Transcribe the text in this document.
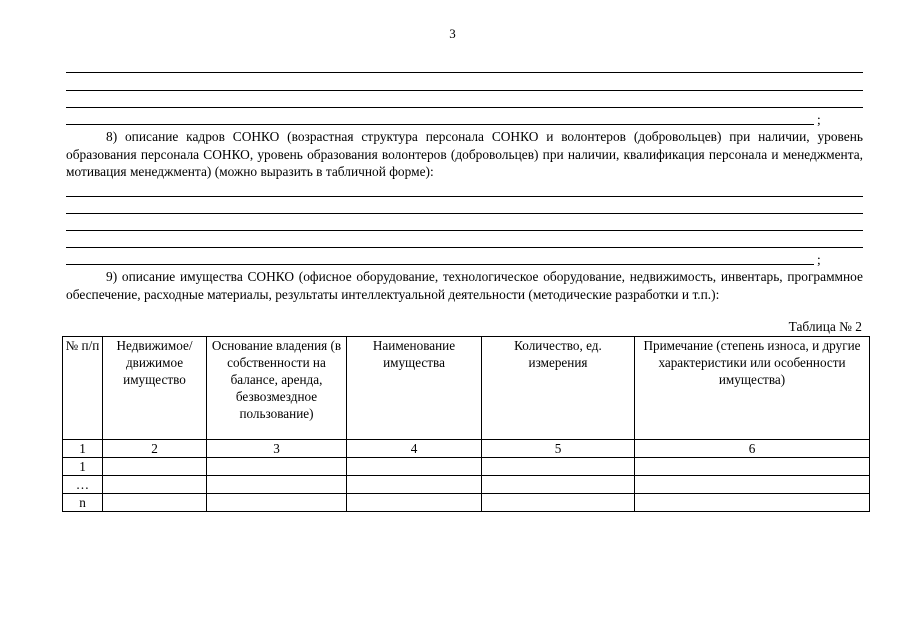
3
;

8) описание кадров СОНКО (возрастная структура персонала СОНКО и волонтеров (добровольцев) при наличии, уровень образования персонала СОНКО, уровень образования волонтеров (добровольцев) при наличии, квалификация персонала и менеджмента, мотивация менеджмента) (можно выразить в табличной форме):

;

9) описание имущества СОНКО (офисное оборудование, технологическое оборудование, недвижимость, инвентарь, программное обеспечение, расходные материалы, результаты интеллектуальной деятельности (методические разработки и т.п.):

Таблица № 2
№ п/п	Недвижимое/ движимое имущество	Основание владения (в собственности на балансе, аренда, безвозмездное пользование)	Наименование имущества	Количество, ед. измерения	Примечание (степень износа, и другие характеристики или особенности имущества)
1	2	3	4	5	6
1					
…					
n					
